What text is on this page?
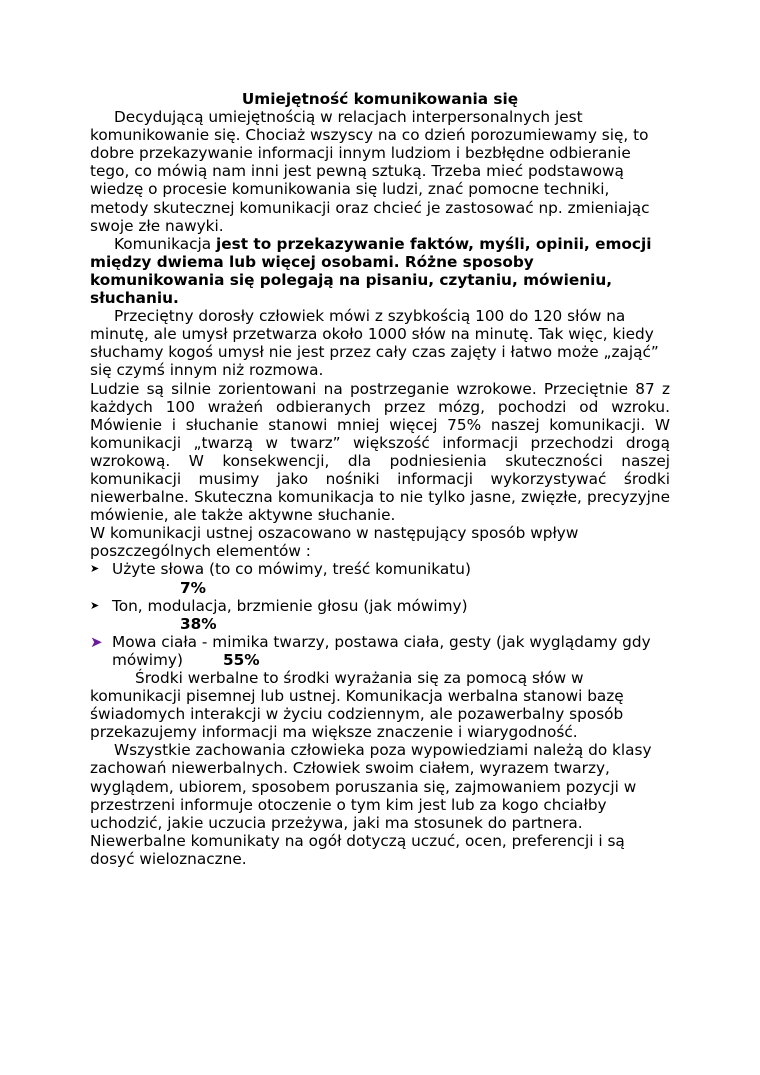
Umiejętność komunikowania się

Decydującą umiejętnością w relacjach interpersonalnych jest komunikowanie się. Chociaż wszyscy na co dzień porozumiewamy się, to dobre przekazywanie informacji innym ludziom i bezbłędne odbieranie tego, co mówią nam inni jest pewną sztuką. Trzeba mieć podstawową wiedzę o procesie komunikowania się ludzi, znać pomocne techniki, metody skutecznej komunikacji oraz chcieć je zastosować np. zmieniając swoje złe nawyki.

Komunikacja jest to przekazywanie faktów, myśli, opinii, emocji między dwiema lub więcej osobami. Różne sposoby komunikowania się polegają na pisaniu, czytaniu, mówieniu, słuchaniu.

Przeciętny dorosły człowiek mówi z szybkością 100 do 120 słów na minutę, ale umysł przetwarza około 1000 słów na minutę. Tak więc, kiedy słuchamy kogoś umysł nie jest przez cały czas zajęty i łatwo może „zająć” się czymś innym niż rozmowa.

Ludzie są silnie zorientowani na postrzeganie wzrokowe. Przeciętnie 87 z każdych 100 wrażeń odbieranych przez mózg, pochodzi od wzroku. Mówienie i słuchanie stanowi mniej więcej 75% naszej komunikacji. W komunikacji „twarzą w twarz” większość informacji przechodzi drogą wzrokową. W konsekwencji, dla podniesienia skuteczności naszej komunikacji musimy jako nośniki informacji wykorzystywać środki niewerbalne. Skuteczna komunikacja to nie tylko jasne, zwięzłe, precyzyjne mówienie, ale także aktywne słuchanie.

W komunikacji ustnej oszacowano w następujący sposób wpływ poszczególnych elementów :

➤ Użyte słowa (to co mówimy, treść komunikatu)
7%
➤ Ton, modulacja, brzmienie głosu (jak mówimy)
38%
➤ Mowa ciała - mimika twarzy, postawa ciała, gesty (jak wyglądamy gdy mówimy)	55%

Środki werbalne to środki wyrażania się za pomocą słów w komunikacji pisemnej lub ustnej. Komunikacja werbalna stanowi bazę świadomych interakcji w życiu codziennym, ale pozawerbalny sposób przekazujemy informacji ma większe znaczenie i wiarygodność.

Wszystkie zachowania człowieka poza wypowiedziami należą do klasy zachowań niewerbalnych. Człowiek swoim ciałem, wyrazem twarzy, wyglądem, ubiorem, sposobem poruszania się, zajmowaniem pozycji w przestrzeni informuje otoczenie o tym kim jest lub za kogo chciałby uchodzić, jakie uczucia przeżywa, jaki ma stosunek do partnera. Niewerbalne komunikaty na ogół dotyczą uczuć, ocen, preferencji i są dosyć wieloznaczne.
